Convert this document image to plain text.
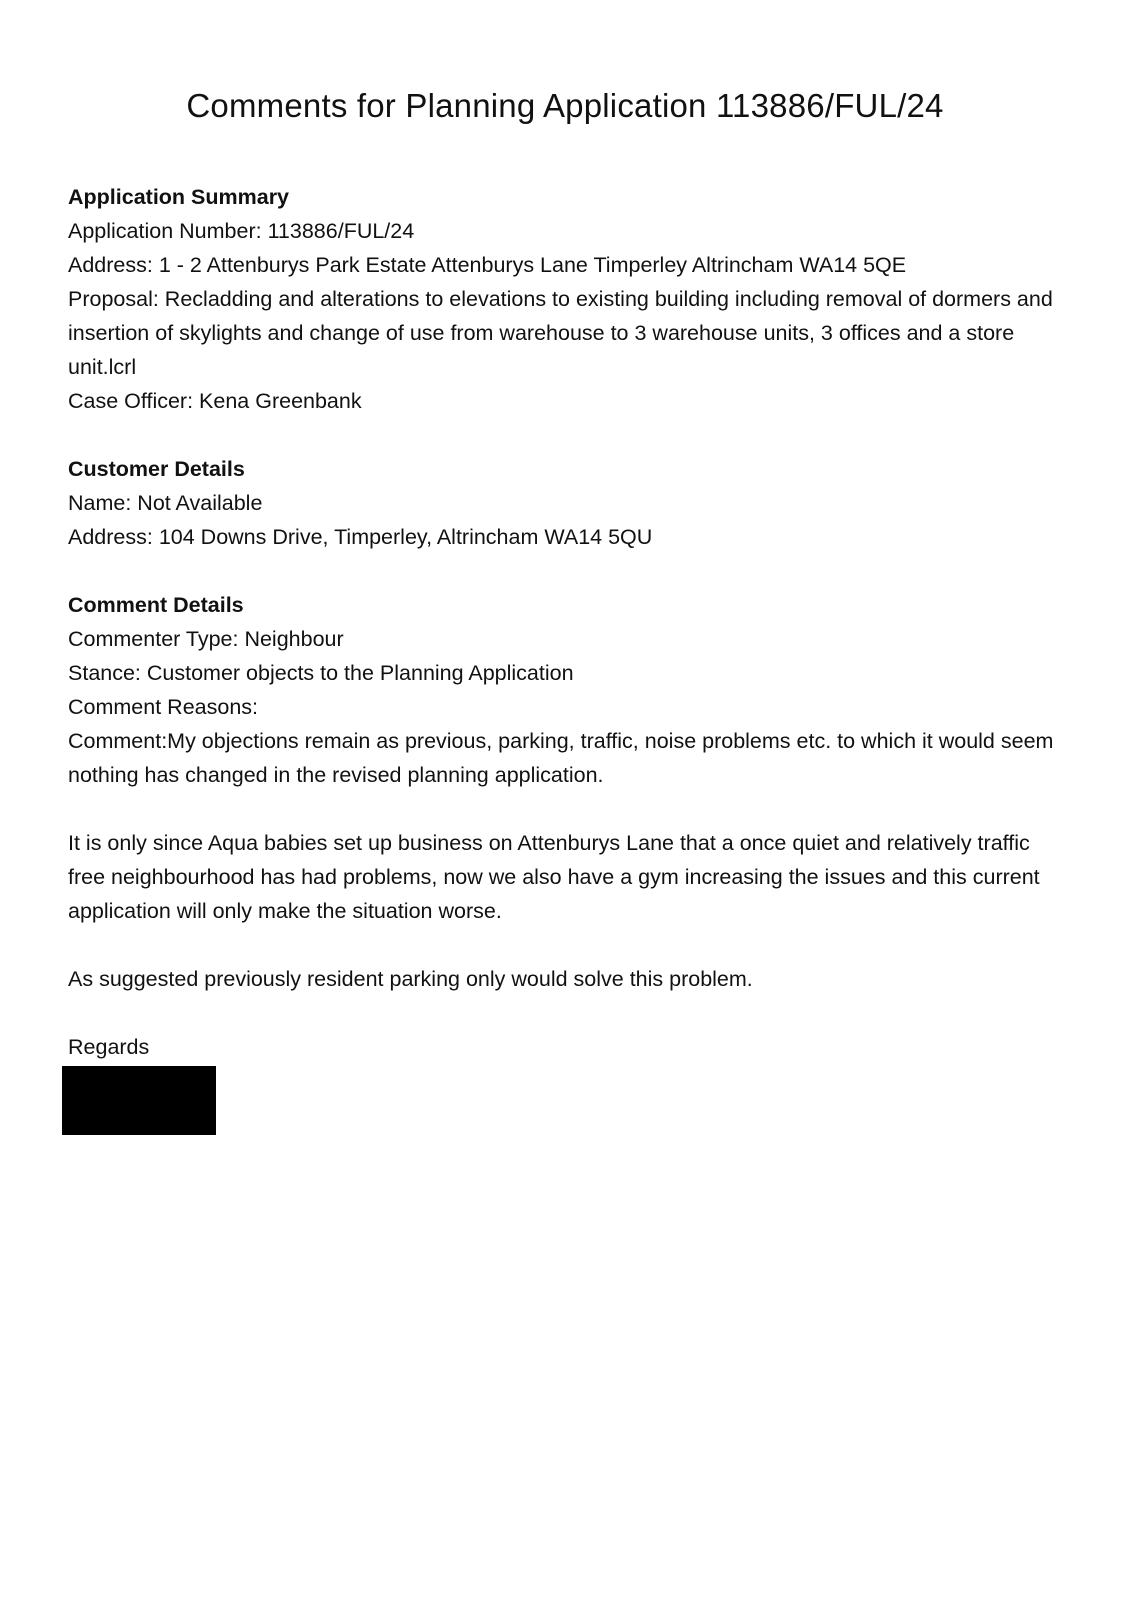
Comments for Planning Application 113886/FUL/24

Application Summary

Application Number: 113886/FUL/24

Address: 1 - 2 Attenburys Park Estate Attenburys Lane Timperley Altrincham WA14 5QE

Proposal: Recladding and alterations to elevations to existing building including removal of dormers and insertion of skylights and change of use from warehouse to 3 warehouse units, 3 offices and a store unit.lcrl

Case Officer: Kena Greenbank

Customer Details

Name: Not Available

Address: 104 Downs Drive, Timperley, Altrincham WA14 5QU

Comment Details

Commenter Type: Neighbour

Stance: Customer objects to the Planning Application

Comment Reasons:

Comment:My objections remain as previous, parking, traffic, noise problems etc. to which it would seem nothing has changed in the revised planning application.

It is only since Aqua babies set up business on Attenburys Lane that a once quiet and relatively traffic free neighbourhood has had problems, now we also have a gym increasing the issues and this current application will only make the situation worse.

As suggested previously resident parking only would solve this problem.

Regards
